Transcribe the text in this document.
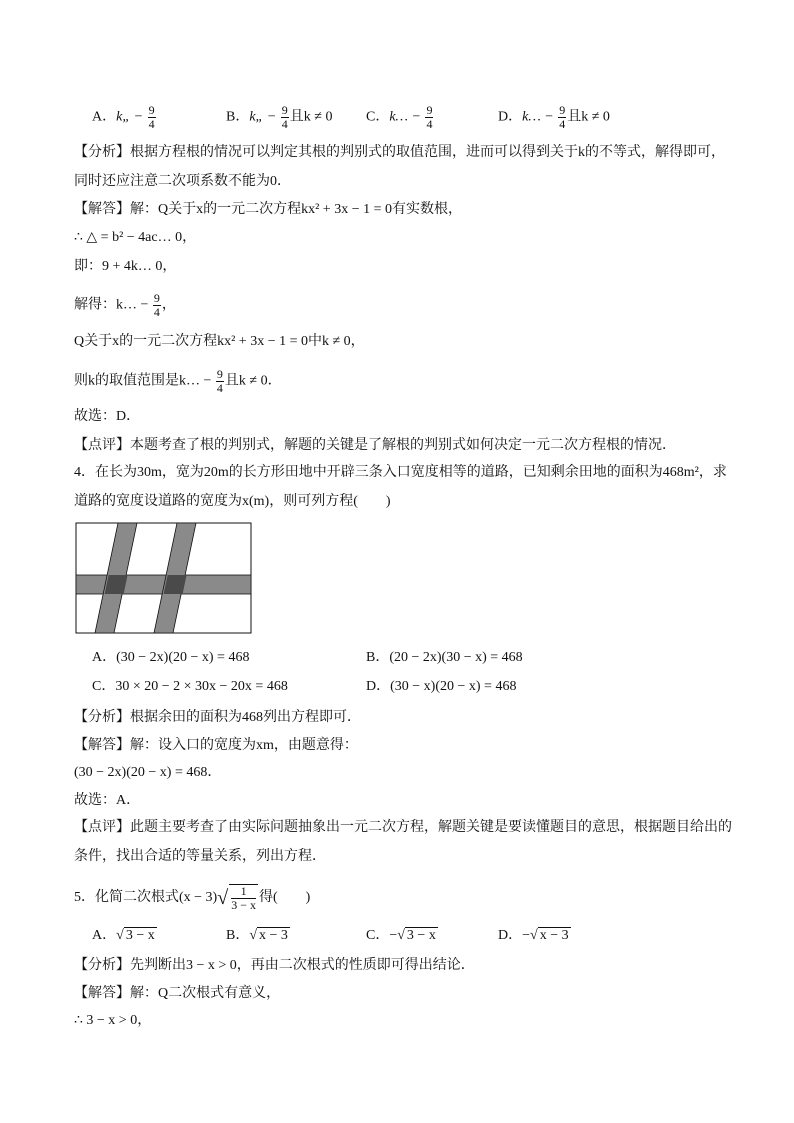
A．k„ − $\frac{9}{4}$	B．k„ − $\frac{9}{4}$ 且k ≠ 0 C．k… − $\frac{9}{4}$	D．k… − $\frac{9}{4}$ 且k ≠ 0
【分析】根据方程根的情况可以判定其根的判别式的取值范围，进而可以得到关于k的不等式，解得即可，同时还应注意二次项系数不能为0．
【解答】解：Q关于x的一元二次方程kx² + 3x − 1 = 0有实数根，
∴ △ = b² − 4ac… 0，
即：9 + 4k… 0，
解得：k… − $\frac{9}{4}$ ，
Q关于x的一元二次方程kx² + 3x − 1 = 0中k ≠ 0，
则k的取值范围是k… − $\frac{9}{4}$ 且k ≠ 0．
故选：D．
【点评】本题考查了根的判别式，解题的关键是了解根的判别式如何决定一元二次方程根的情况．
4．在长为30m，宽为20m的长方形田地中开辟三条入口宽度相等的道路，已知剩余田地的面积为468m²，求道路的宽度设道路的宽度为x(m)，则可列方程(　　)
A．(30 − 2x)(20 − x) = 468	B．(20 − 2x)(30 − x) = 468
C．30 × 20 − 2 × 30x − 20x = 468	D．(30 − x)(20 − x) = 468
【分析】根据余田的面积为468列出方程即可．
【解答】解：设入口的宽度为xm，由题意得：
(30 − 2x)(20 − x) = 468．
故选：A．
【点评】此题主要考查了由实际问题抽象出一元二次方程，解题关键是要读懂题目的意思，根据题目给出的条件，找出合适的等量关系，列出方程．
5．化简二次根式$(x - 3)√ \frac{1}{3 - x}$ 得(　　)
A．√ 3 − x	B．√ x − 3	C．−√ 3 − x	D．−√ x − 3
【分析】先判断出3 − x > 0，再由二次根式的性质即可得出结论．
【解答】解：Q二次根式有意义，
∴ 3 − x > 0，
